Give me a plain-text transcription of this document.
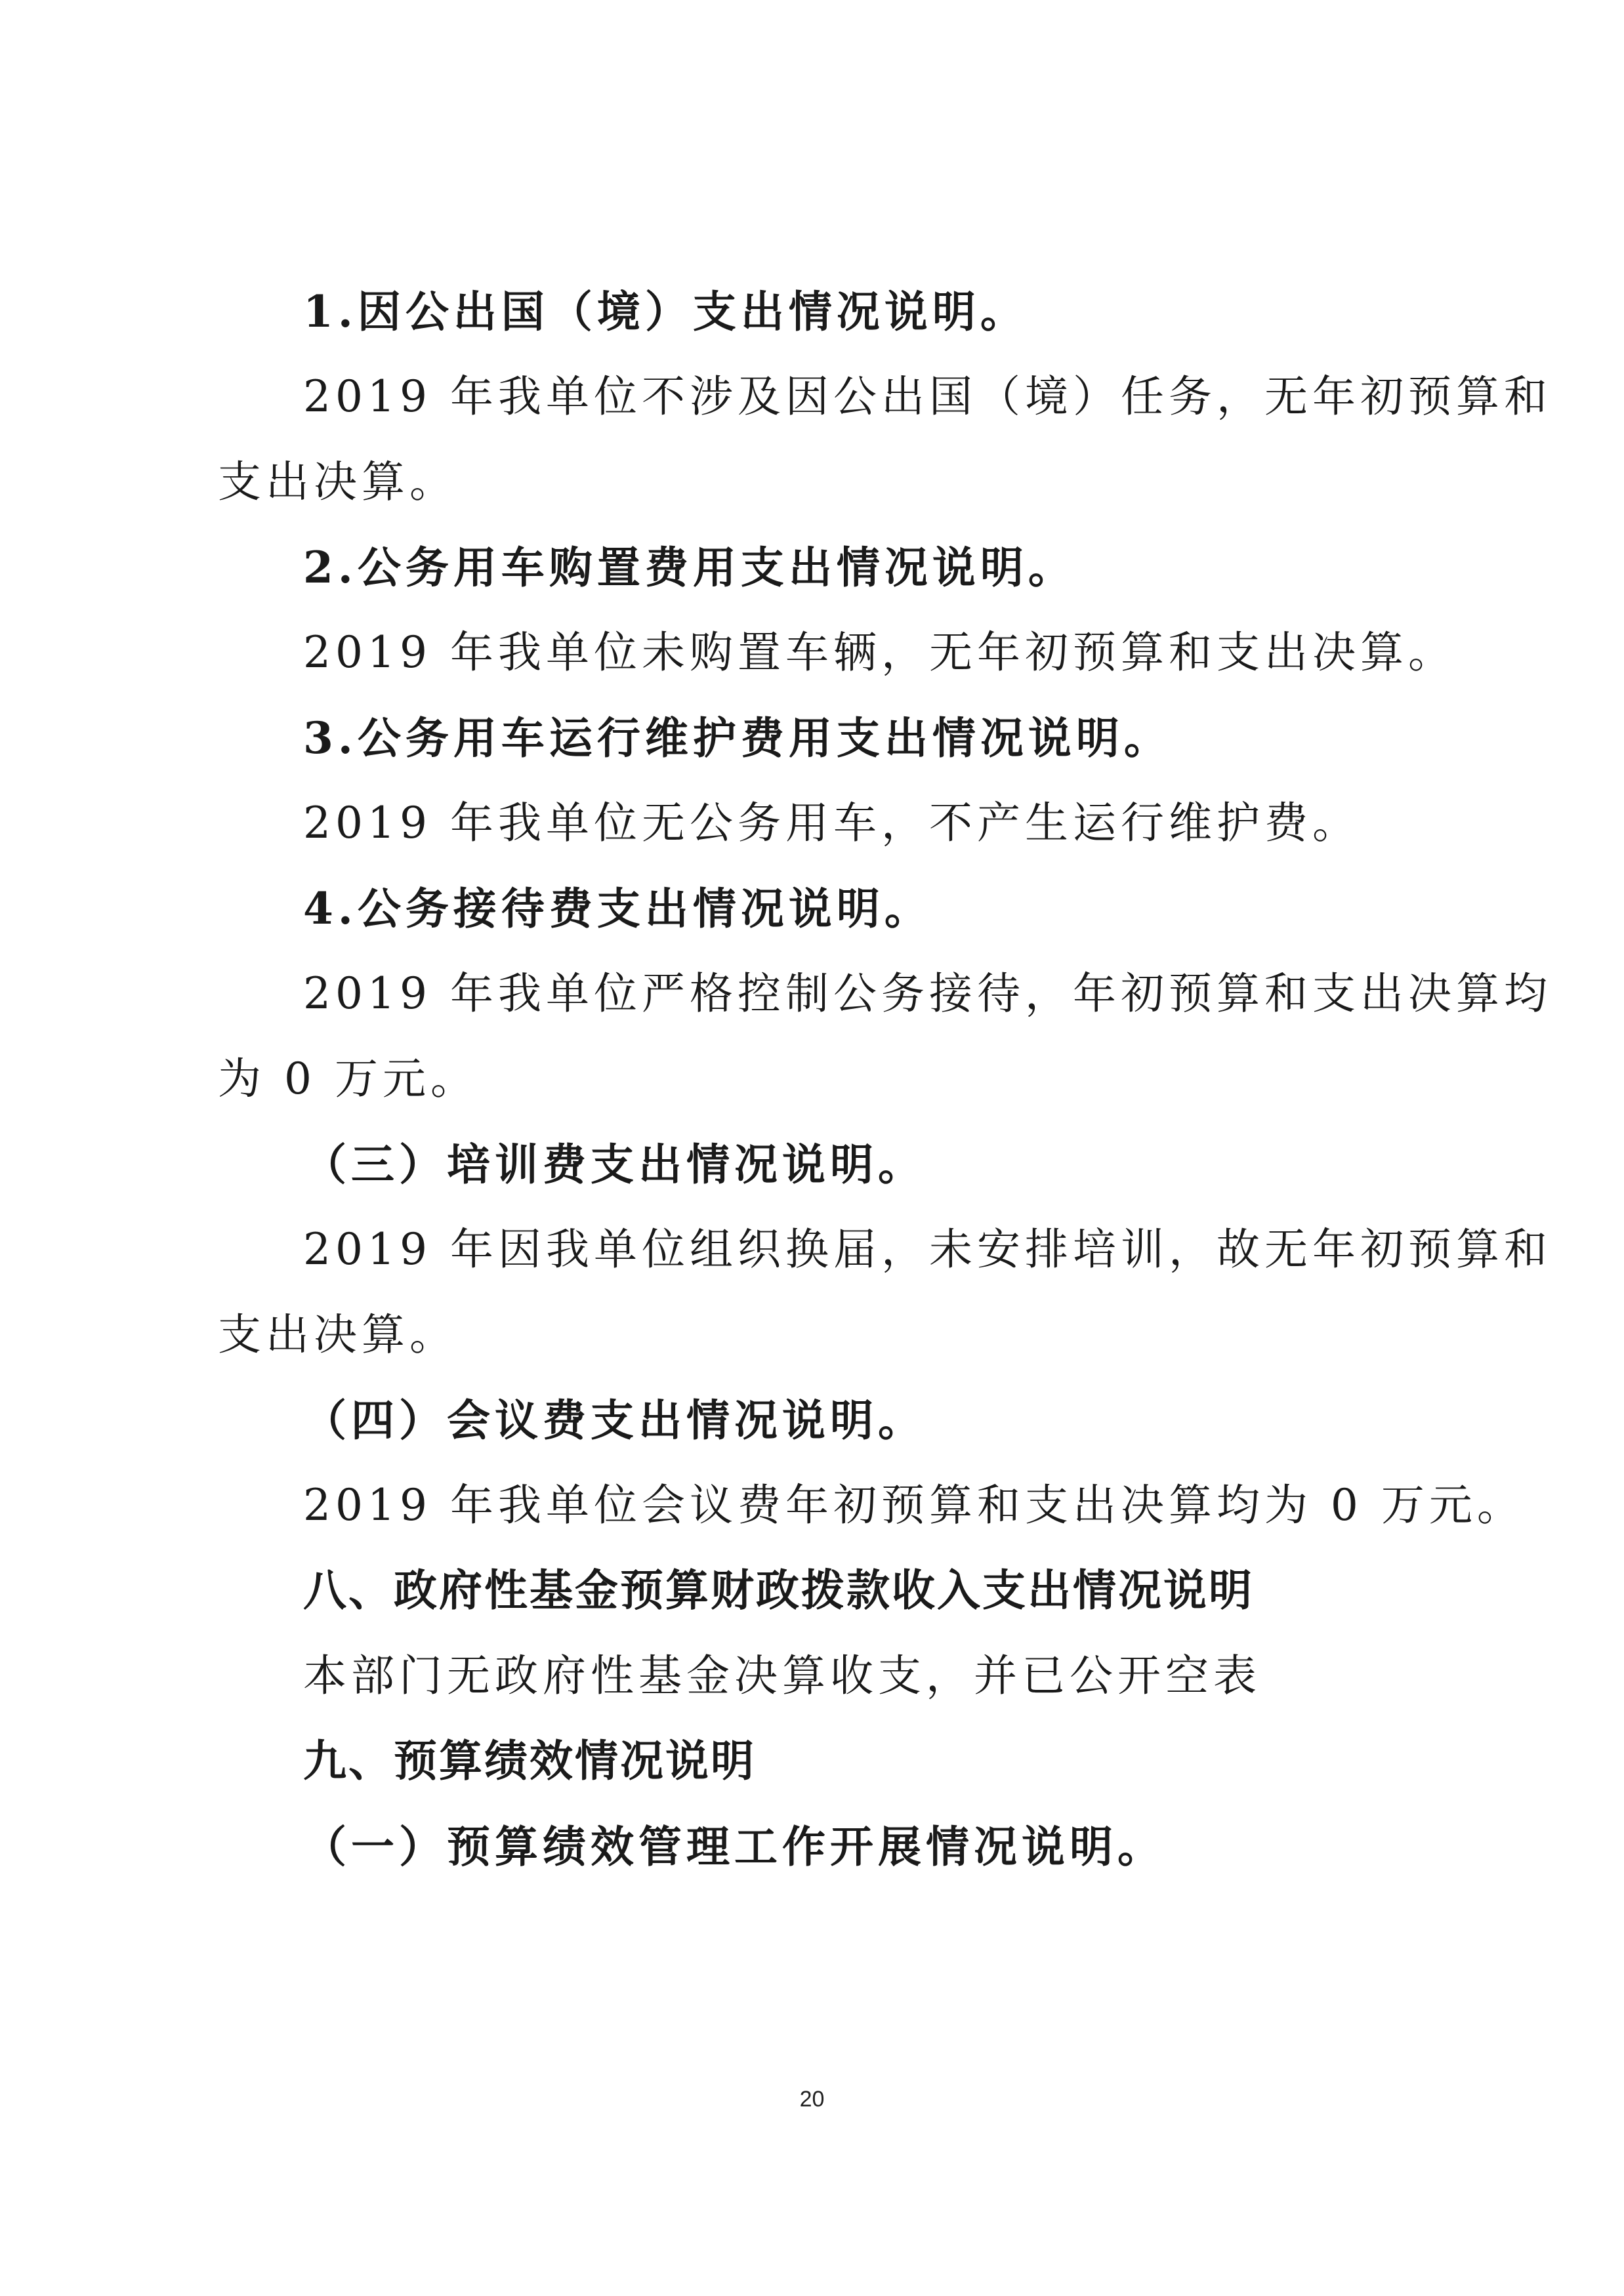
1.因公出国（境）支出情况说明。

2019 年我单位不涉及因公出国（境）任务，无年初预算和

支出决算。

2.公务用车购置费用支出情况说明。

2019 年我单位未购置车辆，无年初预算和支出决算。

3.公务用车运行维护费用支出情况说明。

2019 年我单位无公务用车，不产生运行维护费。

4.公务接待费支出情况说明。

2019 年我单位严格控制公务接待，年初预算和支出决算均

为 0 万元。

（三）培训费支出情况说明。

2019 年因我单位组织换届，未安排培训，故无年初预算和

支出决算。

（四）会议费支出情况说明。

2019 年我单位会议费年初预算和支出决算均为 0 万元。

八、政府性基金预算财政拨款收入支出情况说明

本部门无政府性基金决算收支，并已公开空表

九、预算绩效情况说明

（一）预算绩效管理工作开展情况说明。

20
